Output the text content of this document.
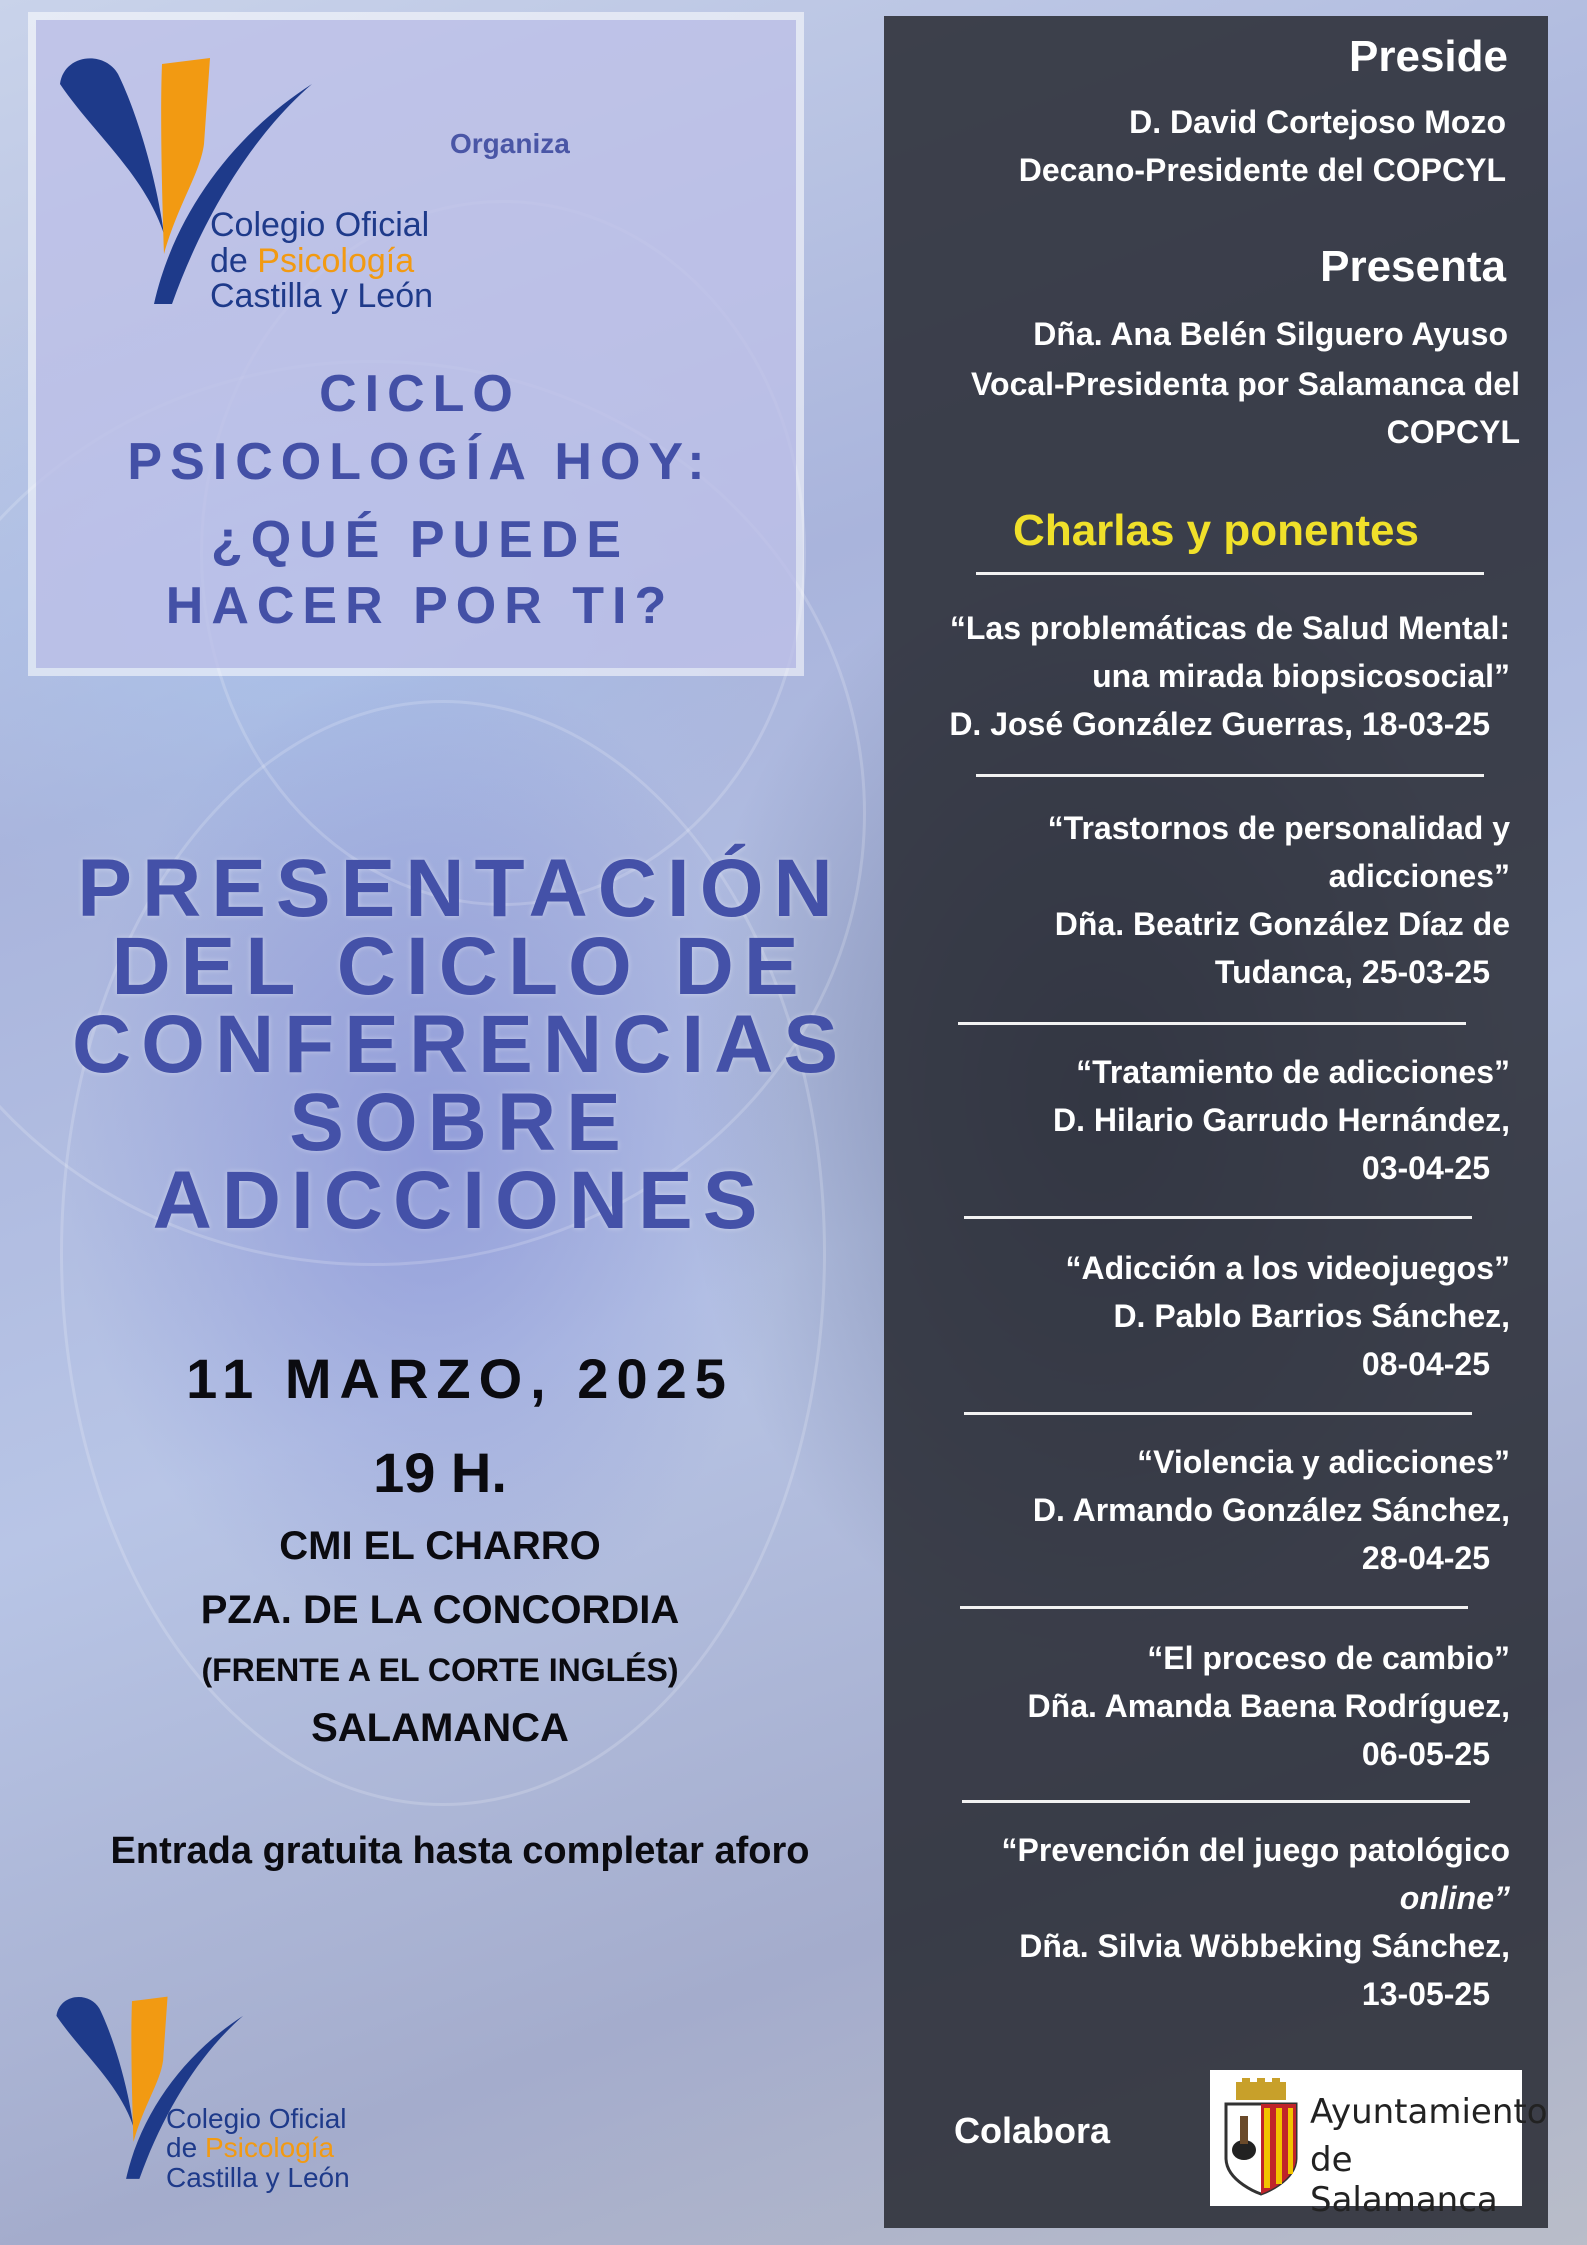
Organiza
Colegio Oficial
de Psicología
Castilla y León
CICLO
PSICOLOGÍA HOY:
¿QUÉ PUEDE
HACER POR TI?
PRESENTACIÓN
DEL CICLO DE
CONFERENCIAS
SOBRE
ADICCIONES
11 MARZO, 2025
19 H.
CMI EL CHARRO
PZA. DE LA CONCORDIA
(FRENTE A EL CORTE INGLÉS)
SALAMANCA
Entrada gratuita hasta completar aforo
Colegio Oficial
de Psicología
Castilla y León
Preside
D. David Cortejoso Mozo
Decano-Presidente del COPCYL
Presenta
Dña. Ana Belén Silguero Ayuso
Vocal-Presidenta por Salamanca del
COPCYL
Charlas y ponentes
“Las problemáticas de Salud Mental:
una mirada biopsicosocial”
D. José González Guerras, 18-03-25
“Trastornos de personalidad y
adicciones”
Dña. Beatriz González Díaz de
Tudanca, 25-03-25
“Tratamiento de adicciones”
D. Hilario Garrudo Hernández,
03-04-25
“Adicción a los videojuegos”
D. Pablo Barrios Sánchez,
08-04-25
“Violencia y adicciones”
D. Armando González Sánchez,
28-04-25
“El proceso de cambio”
Dña. Amanda Baena Rodríguez,
06-05-25
“Prevención del juego patológico
online”
Dña. Silvia Wöbbeking Sánchez,
13-05-25
Colabora	Ayuntamiento
de Salamanca
